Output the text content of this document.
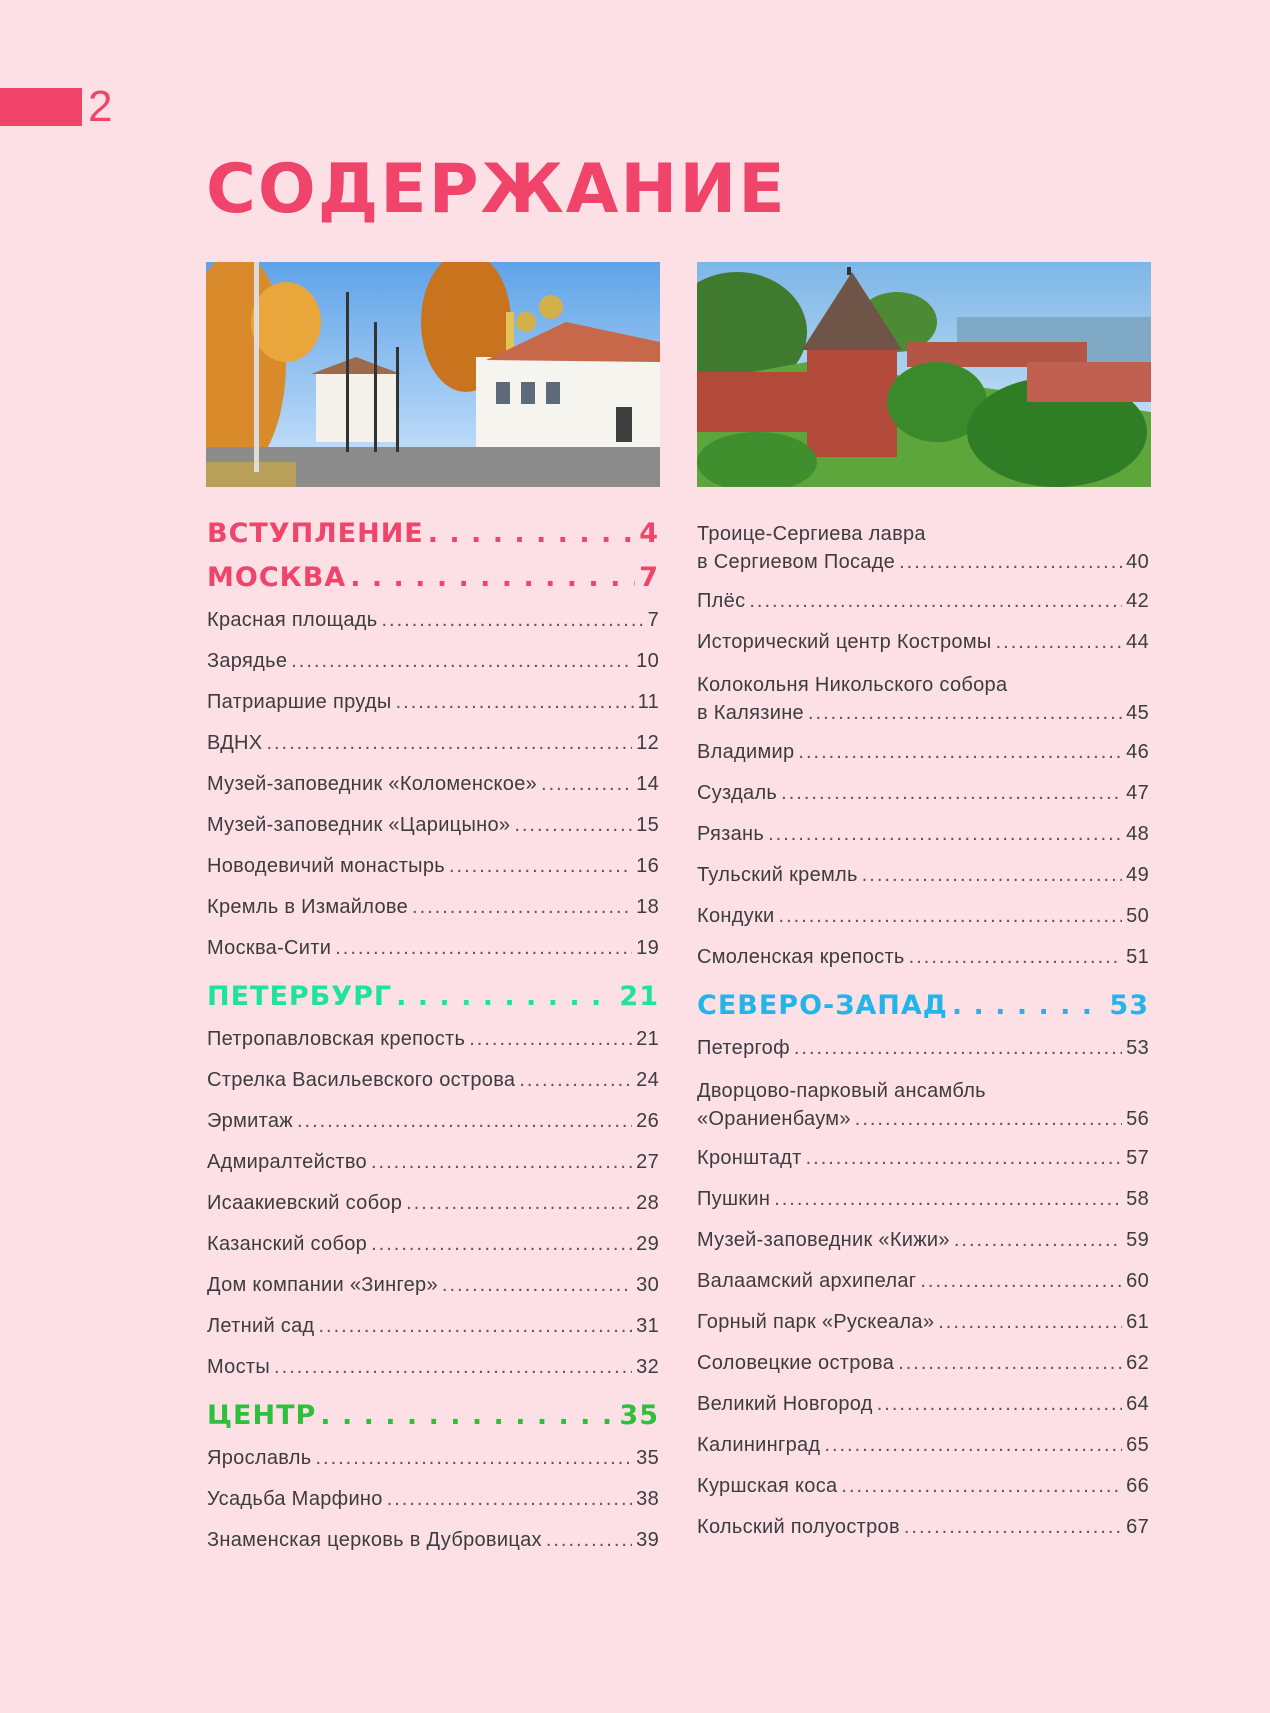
2
СОДЕРЖАНИЕ
ВСТУПЛЕНИЕ . . .	4
МОСКВА . . .	7
Красная площадь .....	7
Зарядье .....	10
Патриаршие пруды .....	11
ВДНХ .....	12
Музей-заповедник «Коломенское» .....	14
Музей-заповедник «Царицыно» .....	15
Новодевичий монастырь .....	16
Кремль в Измайлове .....	18
Москва-Сити .....	19
ПЕТЕРБУРГ . . .	21
Петропавловская крепость .....	21
Стрелка Васильевского острова .....	24
Эрмитаж .....	26
Адмиралтейство .....	27
Исаакиевский собор .....	28
Казанский собор .....	29
Дом компании «Зингер» .....	30
Летний сад .....	31
Мосты .....	32
ЦЕНТР . . .	35
Ярославль .....	35
Усадьба Марфино .....	38
Знаменская церковь в Дубровицах .....	39
Троице-Сергиева лавра
в Сергиевом Посаде .....	40
Плёс .....	42
Исторический центр Костромы .....	44
Колокольня Никольского собора
в Калязине .....	45
Владимир .....	46
Суздаль .....	47
Рязань .....	48
Тульский кремль .....	49
Кондуки .....	50
Смоленская крепость .....	51
СЕВЕРО-ЗАПАД . . .	53
Петергоф .....	53
Дворцово-парковый ансамбль
«Ораниенбаум» .....	56
Кронштадт .....	57
Пушкин .....	58
Музей-заповедник «Кижи» .....	59
Валаамский архипелаг .....	60
Горный парк «Рускеала» .....	61
Соловецкие острова .....	62
Великий Новгород .....	64
Калининград .....	65
Куршская коса .....	66
Кольский полуостров .....	67
